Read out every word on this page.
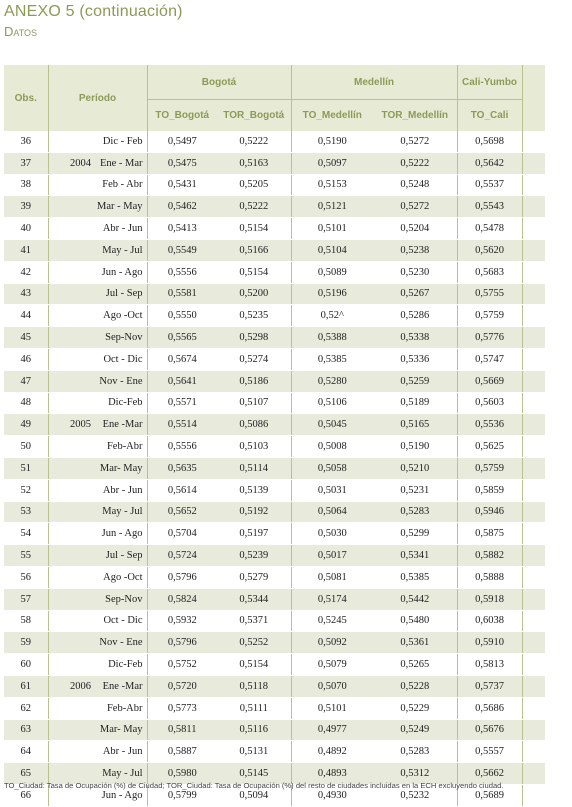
ANEXO 5 (continuación)
Datos
Obs.	Período		Bogotá		Medellín		Cali-Yumbo	
			TO_Bogotá	TOR_Bogotá	TO_Medellín	TOR_Medellín	TO_Cali	
36		Dic - Feb	0,5497	0,5222	0,5190	0,5272	0,5698	
37	2004	Ene - Mar	0,5475	0,5163	0,5097	0,5222	0,5642	
38		Feb - Abr	0,5431	0,5205	0,5153	0,5248	0,5537	
39		Mar - May	0,5462	0,5222	0,5121	0,5272	0,5543	
40		Abr - Jun	0,5413	0,5154	0,5101	0,5204	0,5478	
41		May - Jul	0,5549	0,5166	0,5104	0,5238	0,5620	
42		Jun - Ago	0,5556	0,5154	0,5089	0,5230	0,5683	
43		Jul - Sep	0,5581	0,5200	0,5196	0,5267	0,5755	
44		Ago -Oct	0,5550	0,5235	0,52^	0,5286	0,5759	
45		Sep-Nov	0,5565	0,5298	0,5388	0,5338	0,5776	
46		Oct - Dic	0,5674	0,5274	0,5385	0,5336	0,5747	
47		Nov - Ene	0,5641	0,5186	0,5280	0,5259	0,5669	
48		Dic-Feb	0,5571	0,5107	0,5106	0,5189	0,5603	
49	2005	Ene -Mar	0,5514	0,5086	0,5045	0,5165	0,5536	
50		Feb-Abr	0,5556	0,5103	0,5008	0,5190	0,5625	
51		Mar- May	0,5635	0,5114	0,5058	0,5210	0,5759	
52		Abr - Jun	0,5614	0,5139	0,5031	0,5231	0,5859	
53		May - Jul	0,5652	0,5192	0,5064	0,5283	0,5946	
54		Jun - Ago	0,5704	0,5197	0,5030	0,5299	0,5875	
55		Jul - Sep	0,5724	0,5239	0,5017	0,5341	0,5882	
56		Ago -Oct	0,5796	0,5279	0,5081	0,5385	0,5888	
57		Sep-Nov	0,5824	0,5344	0,5174	0,5442	0,5918	
58		Oct - Dic	0,5932	0,5371	0,5245	0,5480	0,6038	
59		Nov - Ene	0,5796	0,5252	0,5092	0,5361	0,5910	
60		Dic-Feb	0,5752	0,5154	0,5079	0,5265	0,5813	
61	2006	Ene -Mar	0,5720	0,5118	0,5070	0,5228	0,5737	
62		Feb-Abr	0,5773	0,5111	0,5101	0,5229	0,5686	
63		Mar- May	0,5811	0,5116	0,4977	0,5249	0,5676	
64		Abr - Jun	0,5887	0,5131	0,4892	0,5283	0,5557	
65		May - Jul	0,5980	0,5145	0,4893	0,5312	0,5662	
66		Jun - Ago	0,5799	0,5094	0,4930	0,5232	0,5689	
TO_Ciudad: Tasa de Ocupación (%) de Ciudad; TOR_Ciudad: Tasa de Ocupación (%) del resto de ciudades incluidas en la ECH excluyendo ciudad.
